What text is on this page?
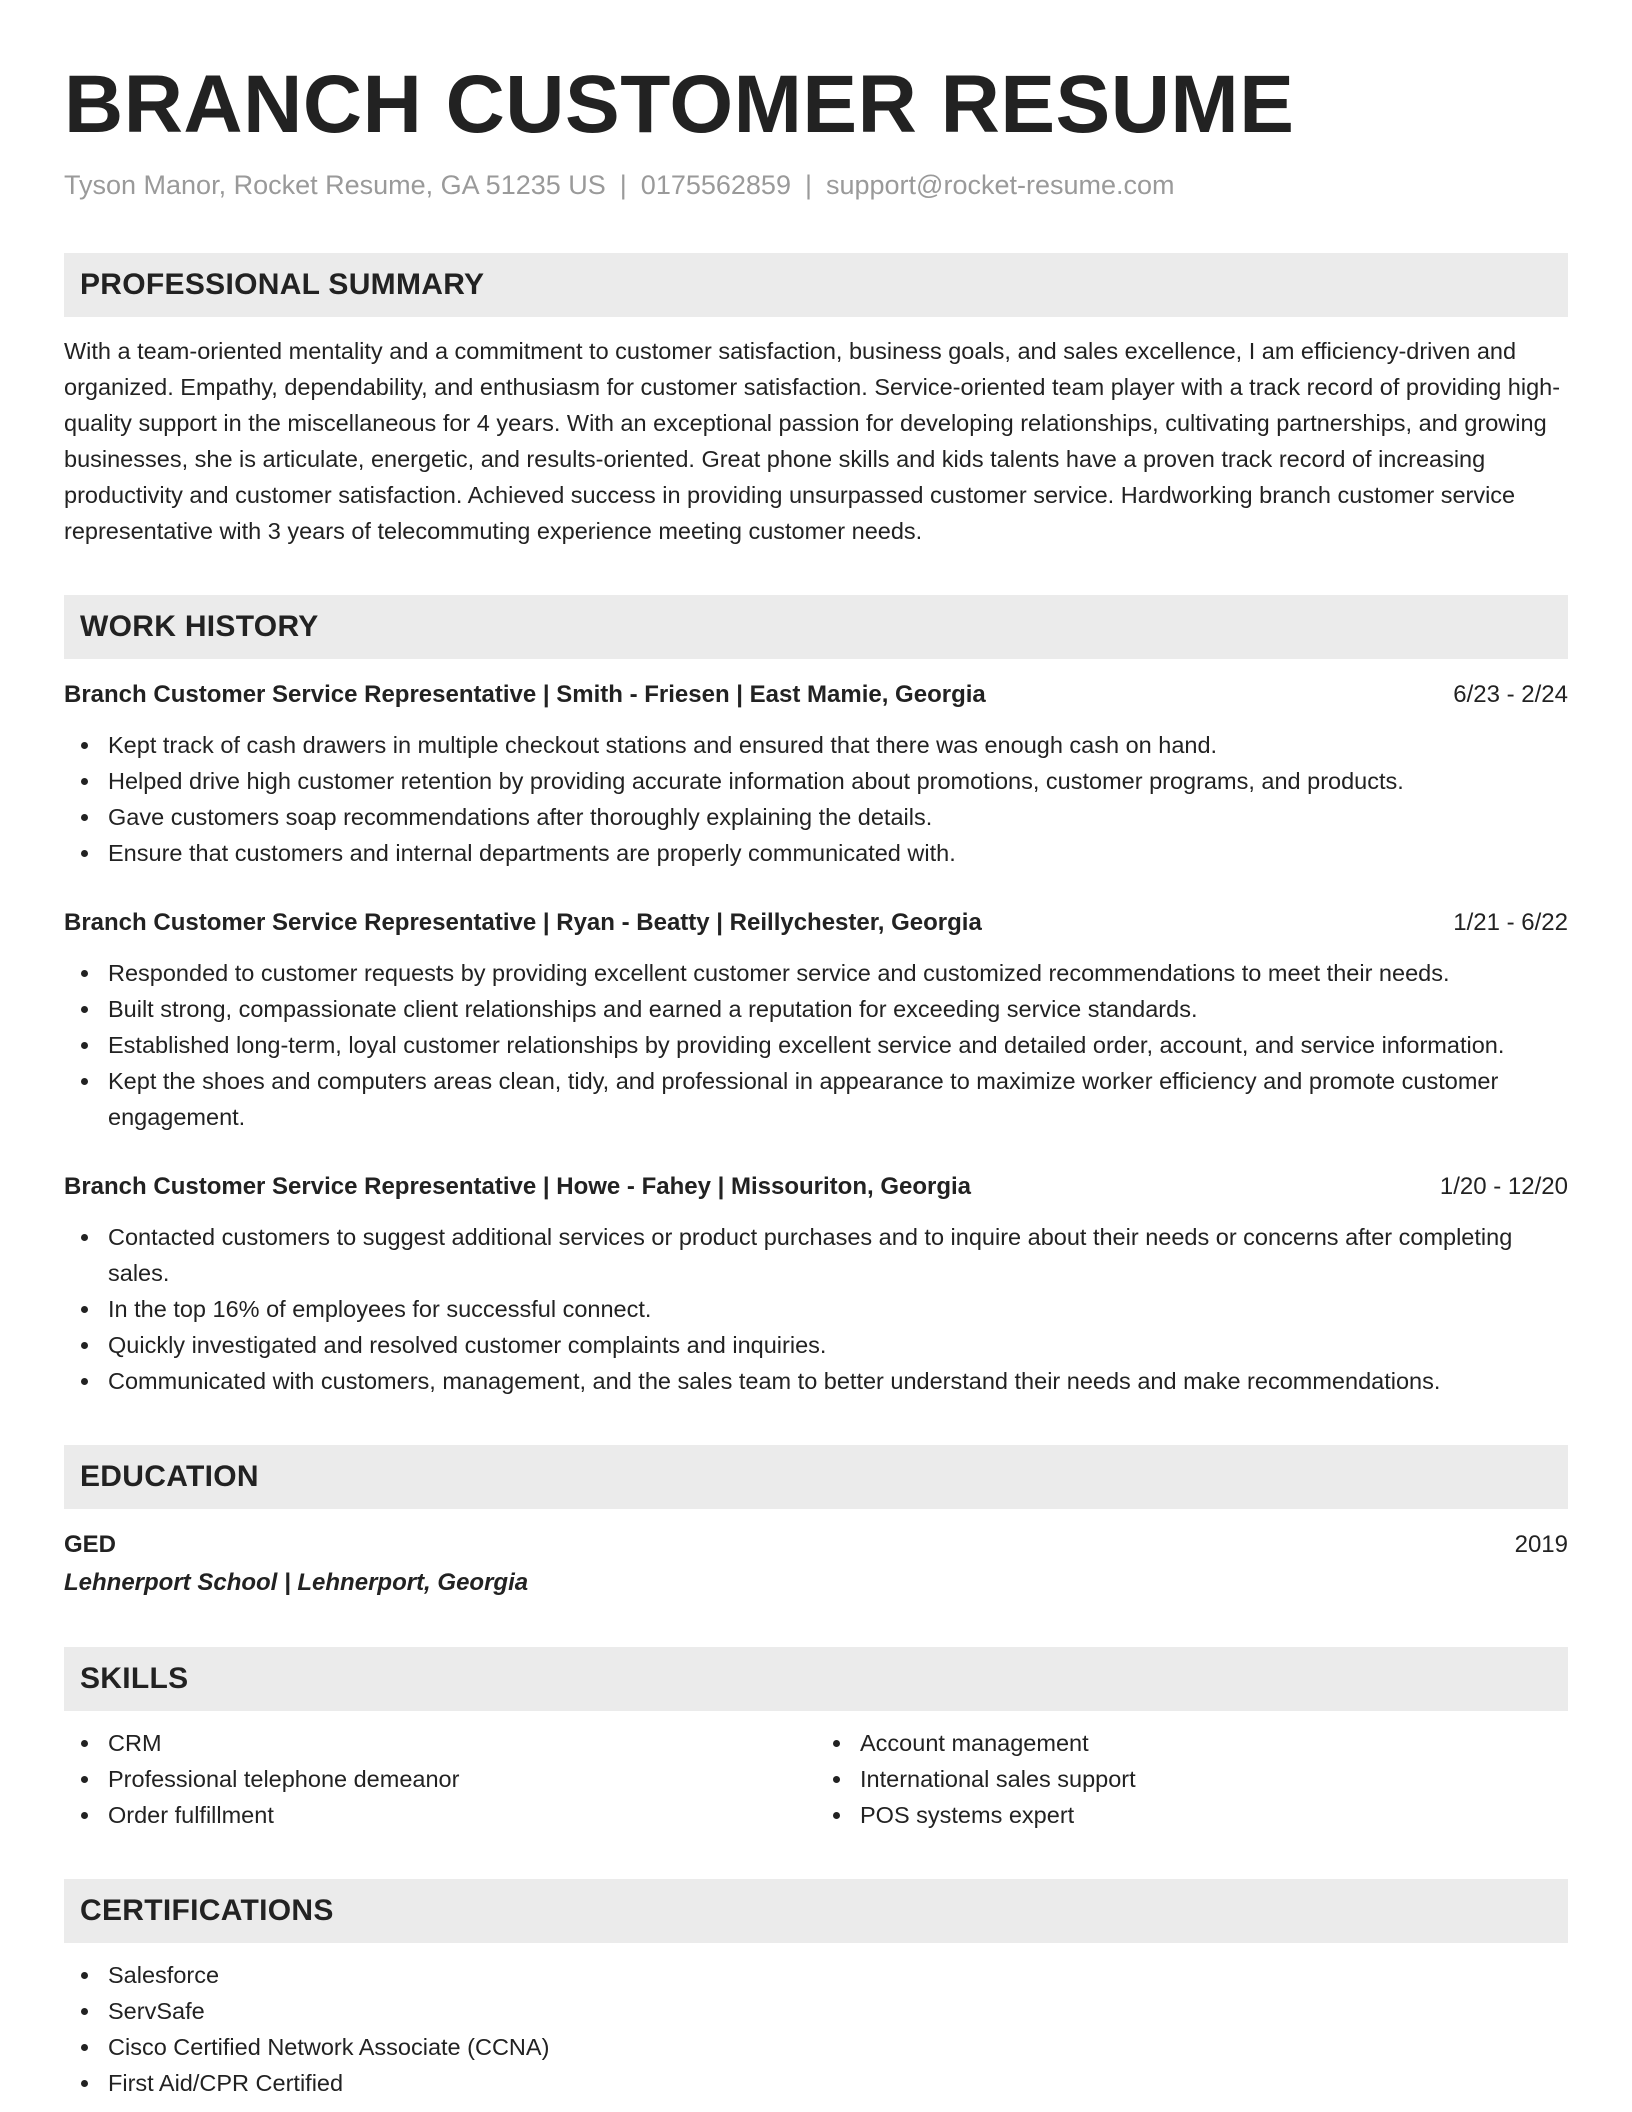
BRANCH CUSTOMER RESUME
Tyson Manor, Rocket Resume, GA 51235 US | 0175562859 | support@rocket-resume.com
PROFESSIONAL SUMMARY
With a team-oriented mentality and a commitment to customer satisfaction, business goals, and sales excellence, I am efficiency-driven and organized. Empathy, dependability, and enthusiasm for customer satisfaction. Service-oriented team player with a track record of providing high-quality support in the miscellaneous for 4 years. With an exceptional passion for developing relationships, cultivating partnerships, and growing businesses, she is articulate, energetic, and results-oriented. Great phone skills and kids talents have a proven track record of increasing productivity and customer satisfaction. Achieved success in providing unsurpassed customer service. Hardworking branch customer service representative with 3 years of telecommuting experience meeting customer needs.
WORK HISTORY
Branch Customer Service Representative | Smith - Friesen | East Mamie, Georgia	6/23 - 2/24
Kept track of cash drawers in multiple checkout stations and ensured that there was enough cash on hand.
Helped drive high customer retention by providing accurate information about promotions, customer programs, and products.
Gave customers soap recommendations after thoroughly explaining the details.
Ensure that customers and internal departments are properly communicated with.
Branch Customer Service Representative | Ryan - Beatty | Reillychester, Georgia	1/21 - 6/22
Responded to customer requests by providing excellent customer service and customized recommendations to meet their needs.
Built strong, compassionate client relationships and earned a reputation for exceeding service standards.
Established long-term, loyal customer relationships by providing excellent service and detailed order, account, and service information.
Kept the shoes and computers areas clean, tidy, and professional in appearance to maximize worker efficiency and promote customer engagement.
Branch Customer Service Representative | Howe - Fahey | Missouriton, Georgia	1/20 - 12/20
Contacted customers to suggest additional services or product purchases and to inquire about their needs or concerns after completing sales.
In the top 16% of employees for successful connect.
Quickly investigated and resolved customer complaints and inquiries.
Communicated with customers, management, and the sales team to better understand their needs and make recommendations.
EDUCATION
GED	2019
Lehnerport School | Lehnerport, Georgia
SKILLS
CRM
Professional telephone demeanor
Order fulfillment
Account management
International sales support
POS systems expert
CERTIFICATIONS
Salesforce
ServSafe
Cisco Certified Network Associate (CCNA)
First Aid/CPR Certified
